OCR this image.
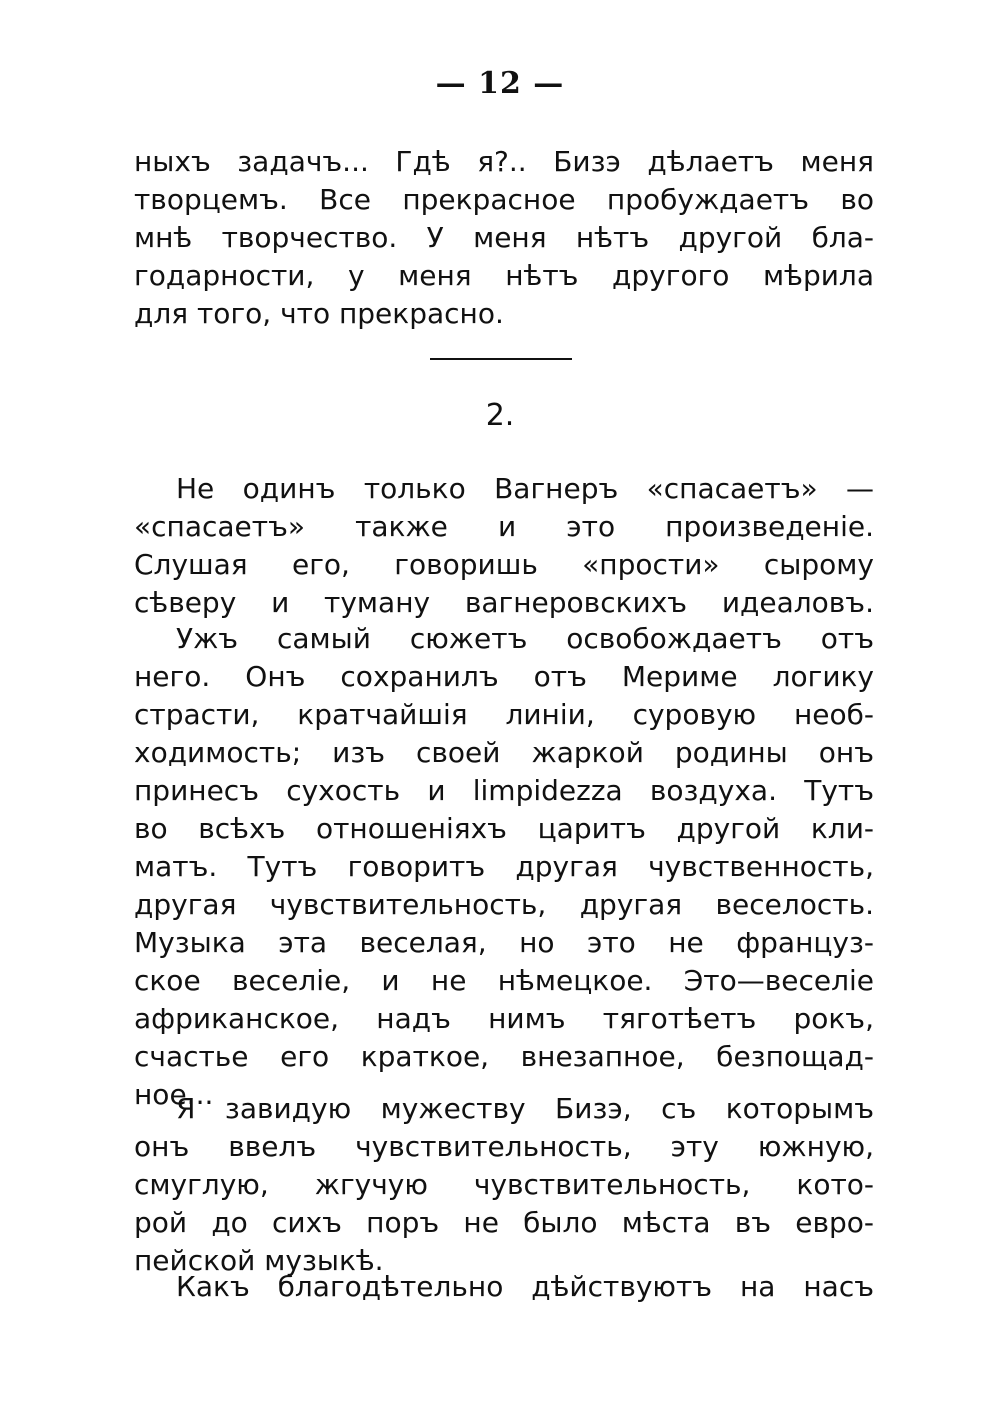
— 12 —

ныхъ задачъ... Гдѣ я?.. Бизэ дѣлаетъ меня
творцемъ. Все прекрасное пробуждаетъ во
мнѣ творчество. У меня нѣтъ другой бла-
годарности, у меня нѣтъ другого мѣрила
для того, что прекрасно.

2.

Не одинъ только Вагнеръ «спасаетъ» —
«спасаетъ» также и это произведеніе.
Слушая его, говоришь «прости» сырому
сѣверу и туману вагнеровскихъ идеаловъ.
Ужъ самый сюжетъ освобождаетъ отъ
него. Онъ сохранилъ отъ Мериме логику
страсти, кратчайшія линіи, суровую необ-
ходимость; изъ своей жаркой родины онъ
принесъ сухость и limpidezza воздуха. Тутъ
во всѣхъ отношеніяхъ царитъ другой кли-
матъ. Тутъ говоритъ другая чувственность,
другая чувствительность, другая веселость.
Музыка эта веселая, но это не француз-
ское веселіе, и не нѣмецкое. Это—веселіе
африканское, надъ нимъ тяготѣетъ рокъ,
счастье его краткое, внезапное, безпощад-
ное...
Я завидую мужеству Бизэ, съ которымъ
онъ ввелъ чувствительность, эту южную,
смуглую, жгучую чувствительность, кото-
рой до сихъ поръ не было мѣста въ евро-
пейской музыкѣ.
Какъ благодѣтельно дѣйствуютъ на насъ
